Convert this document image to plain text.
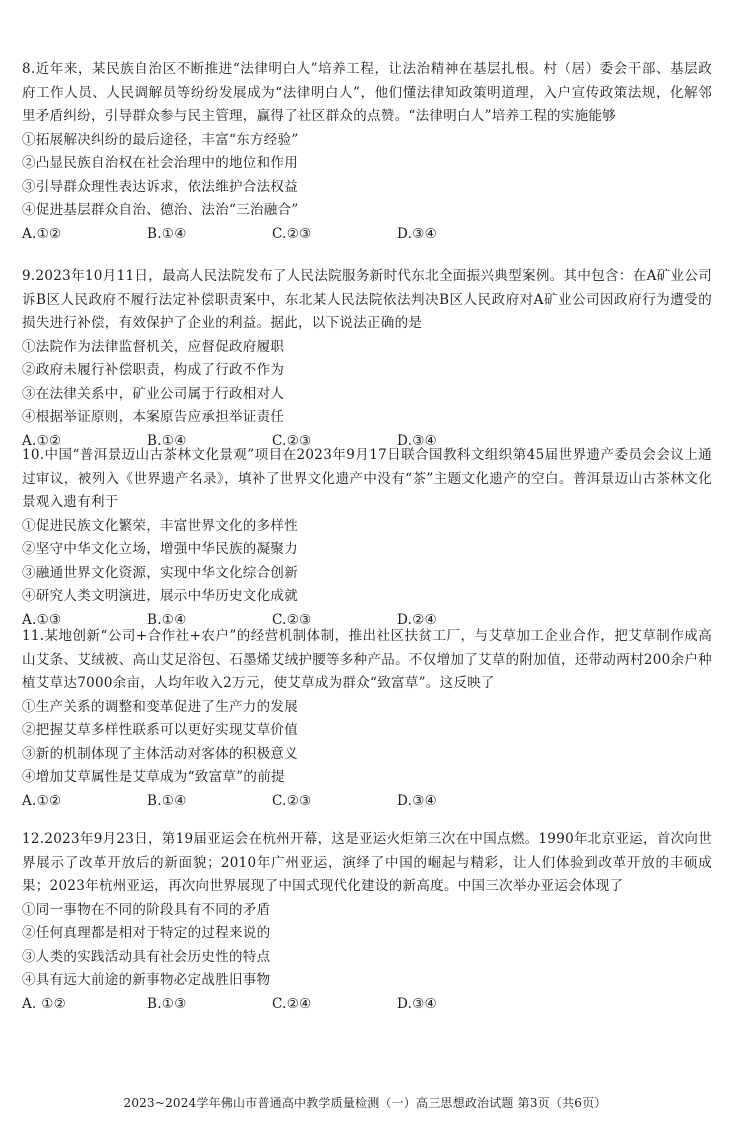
8.近年来，某民族自治区不断推进“法律明白人”培养工程，让法治精神在基层扎根。村（居）委会干部、基层政府工作人员、人民调解员等纷纷发展成为“法律明白人”，他们懂法律知政策明道理，入户宣传政策法规，化解邻里矛盾纠纷，引导群众参与民主管理，赢得了社区群众的点赞。“法律明白人”培养工程的实施能够

①拓展解决纠纷的最后途径，丰富“东方经验”

②凸显民族自治权在社会治理中的地位和作用

③引导群众理性表达诉求，依法维护合法权益

④促进基层群众自治、德治、法治“三治融合”

A.①②	B.①④	C.②③	D.③④

9.2023年10月11日，最高人民法院发布了人民法院服务新时代东北全面振兴典型案例。其中包含：在A矿业公司诉B区人民政府不履行法定补偿职责案中，东北某人民法院依法判决B区人民政府对A矿业公司因政府行为遭受的损失进行补偿，有效保护了企业的利益。据此，以下说法正确的是

①法院作为法律监督机关，应督促政府履职

②政府未履行补偿职责，构成了行政不作为

③在法律关系中，矿业公司属于行政相对人

④根据举证原则，本案原告应承担举证责任

A.①②	B.①④	C.②③	D.③④

10.中国“普洱景迈山古茶林文化景观”项目在2023年9月17日联合国教科文组织第45届世界遗产委员会会议上通过审议，被列入《世界遗产名录》，填补了世界文化遗产中没有“茶”主题文化遗产的空白。普洱景迈山古茶林文化景观入遗有利于

①促进民族文化繁荣，丰富世界文化的多样性

②坚守中华文化立场，增强中华民族的凝聚力

③融通世界文化资源，实现中华文化综合创新

④研究人类文明演进，展示中华历史文化成就

A.①③	B.①④	C.②③	D.②④

11.某地创新“公司+合作社+农户”的经营机制体制，推出社区扶贫工厂，与艾草加工企业合作，把艾草制作成高山艾条、艾绒被、高山艾足浴包、石墨烯艾绒护腰等多种产品。不仅增加了艾草的附加值，还带动两村200余户种植艾草达7000余亩，人均年收入2万元，使艾草成为群众“致富草”。这反映了

①生产关系的调整和变革促进了生产力的发展

②把握艾草多样性联系可以更好实现艾草价值

③新的机制体现了主体活动对客体的积极意义

④增加艾草属性是艾草成为“致富草”的前提

A.①②	B.①④	C.②③	D.③④

12.2023年9月23日，第19届亚运会在杭州开幕，这是亚运火炬第三次在中国点燃。1990年北京亚运，首次向世界展示了改革开放后的新面貌；2010年广州亚运，演绎了中国的崛起与精彩，让人们体验到改革开放的丰硕成果；2023年杭州亚运，再次向世界展现了中国式现代化建设的新高度。中国三次举办亚运会体现了

①同一事物在不同的阶段具有不同的矛盾

②任何真理都是相对于特定的过程来说的

③人类的实践活动具有社会历史性的特点

④具有远大前途的新事物必定战胜旧事物

A. ①②	B.①③	C.②④	D.③④
2023~2024学年佛山市普通高中教学质量检测（一）高三思想政治试题 第3页（共6页）
